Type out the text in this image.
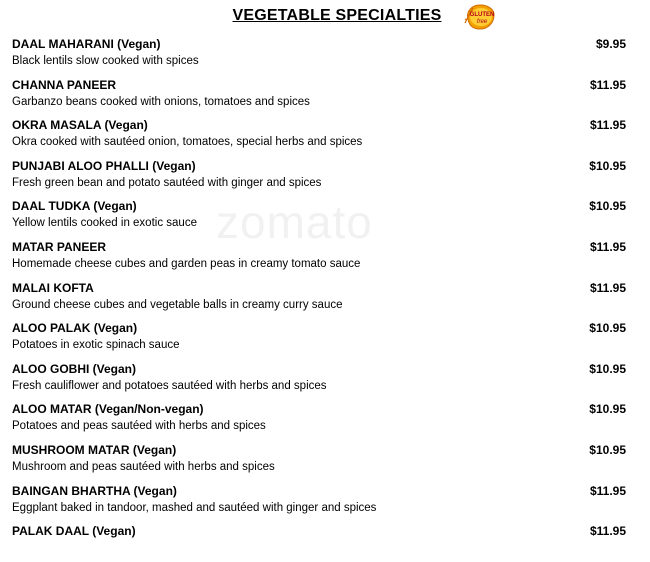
VEGETABLE SPECIALTIES	GLUTEN
free
zomato
DAAL MAHARANI (Vegan)	$9.95
Black lentils slow cooked with spices
CHANNA PANEER	$11.95
Garbanzo beans cooked with onions, tomatoes and spices
OKRA MASALA (Vegan)	$11.95
Okra cooked with sautéed onion, tomatoes, special herbs and spices
PUNJABI ALOO PHALLI (Vegan)	$10.95
Fresh green bean and potato sautéed with ginger and spices
DAAL TUDKA (Vegan)	$10.95
Yellow lentils cooked in exotic sauce
MATAR PANEER	$11.95
Homemade cheese cubes and garden peas in creamy tomato sauce
MALAI KOFTA	$11.95
Ground cheese cubes and vegetable balls in creamy curry sauce
ALOO PALAK (Vegan)	$10.95
Potatoes in exotic spinach sauce
ALOO GOBHI (Vegan)	$10.95
Fresh cauliflower and potatoes sautéed with herbs and spices
ALOO MATAR (Vegan/Non-vegan)	$10.95
Potatoes and peas sautéed with herbs and spices
MUSHROOM MATAR (Vegan)	$10.95
Mushroom and peas sautéed with herbs and spices
BAINGAN BHARTHA (Vegan)	$11.95
Eggplant baked in tandoor, mashed and sautéed with ginger and spices
PALAK DAAL (Vegan)	$11.95
